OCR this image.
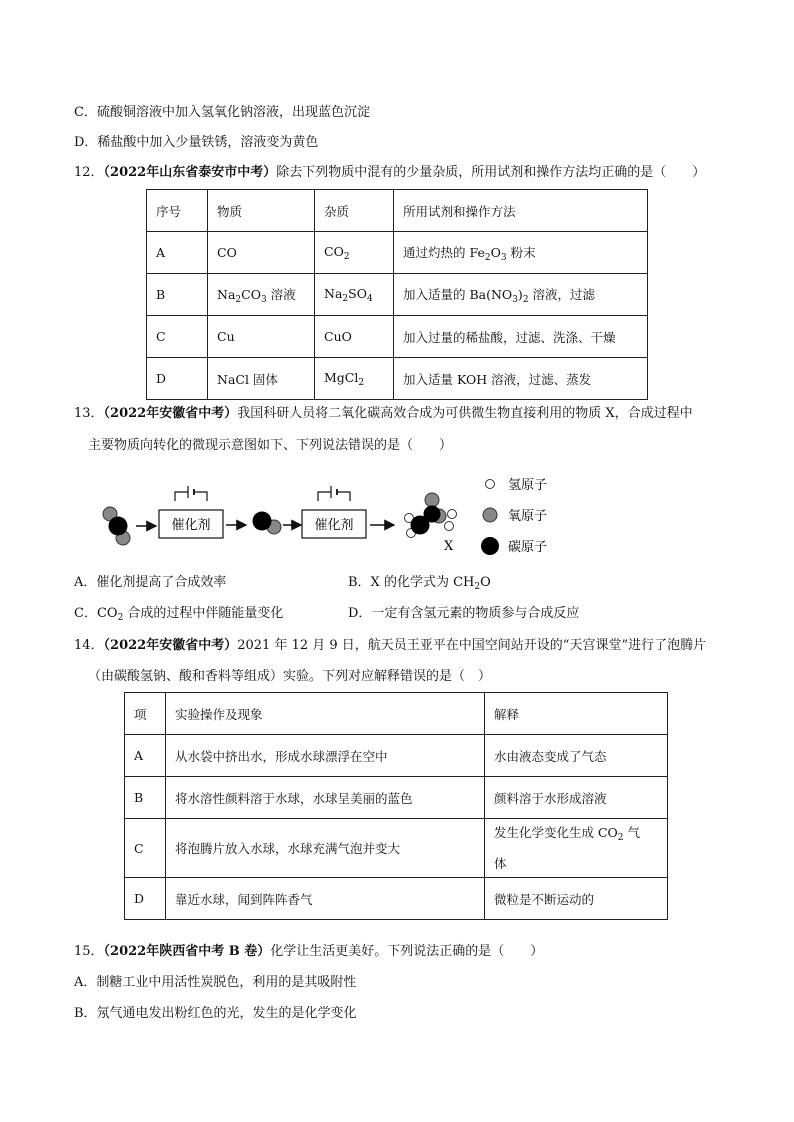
C．硫酸铜溶液中加入氢氧化钠溶液，出现蓝色沉淀
D．稀盐酸中加入少量铁锈，溶液变为黄色
12．（2022年山东省泰安市中考）除去下列物质中混有的少量杂质，所用试剂和操作方法均正确的是（　　）
序号	物质	杂质	所用试剂和操作方法
A	CO	$CO_2$	通过灼热的 $Fe_2O_3$ 粉末
B	$Na_2CO_3$ 溶液	$Na_2SO_4$	加入适量的 $Ba(NO_3)_2$ 溶液，过滤
C	Cu	CuO	加入过量的稀盐酸，过滤、洗涤、干燥
D	NaCl 固体	MgCl$_2$	加入适量 KOH 溶液，过滤、蒸发
13．（2022年安徽省中考）我国科研人员将二氧化碳高效合成为可供微生物直接利用的物质 X，合成过程中
主要物质向转化的微现示意图如下、下列说法错误的是（　　）
催化剂	催化剂
X
氢原子
氧原子
碳原子
A．催化剂提高了合成效率	B．X 的化学式为 $CH_2O$
C．$CO_2$ 合成的过程中伴随能量变化	D．一定有含氢元素的物质参与合成反应
14．（2022年安徽省中考）2021 年 12 月 9 日，航天员王亚平在中国空间站开设的“天宫课堂”进行了泡腾片
（由碳酸氢钠、酸和香料等组成）实验。下列对应解释错误的是（　）
项	实验操作及现象	解释
A	从水袋中挤出水，形成水球漂浮在空中	水由液态变成了气态
B	将水溶性颜料溶于水球，水球呈美丽的蓝色	颜料溶于水形成溶液
C	将泡腾片放入水球，水球充满气泡并变大	发生化学变化生成 $CO_2$ 气体
D	靠近水球，闻到阵阵香气	微粒是不断运动的
15．（2022年陕西省中考 B 卷）化学让生活更美好。下列说法正确的是（　　）
A．制糖工业中用活性炭脱色，利用的是其吸附性
B．氖气通电发出粉红色的光，发生的是化学变化
